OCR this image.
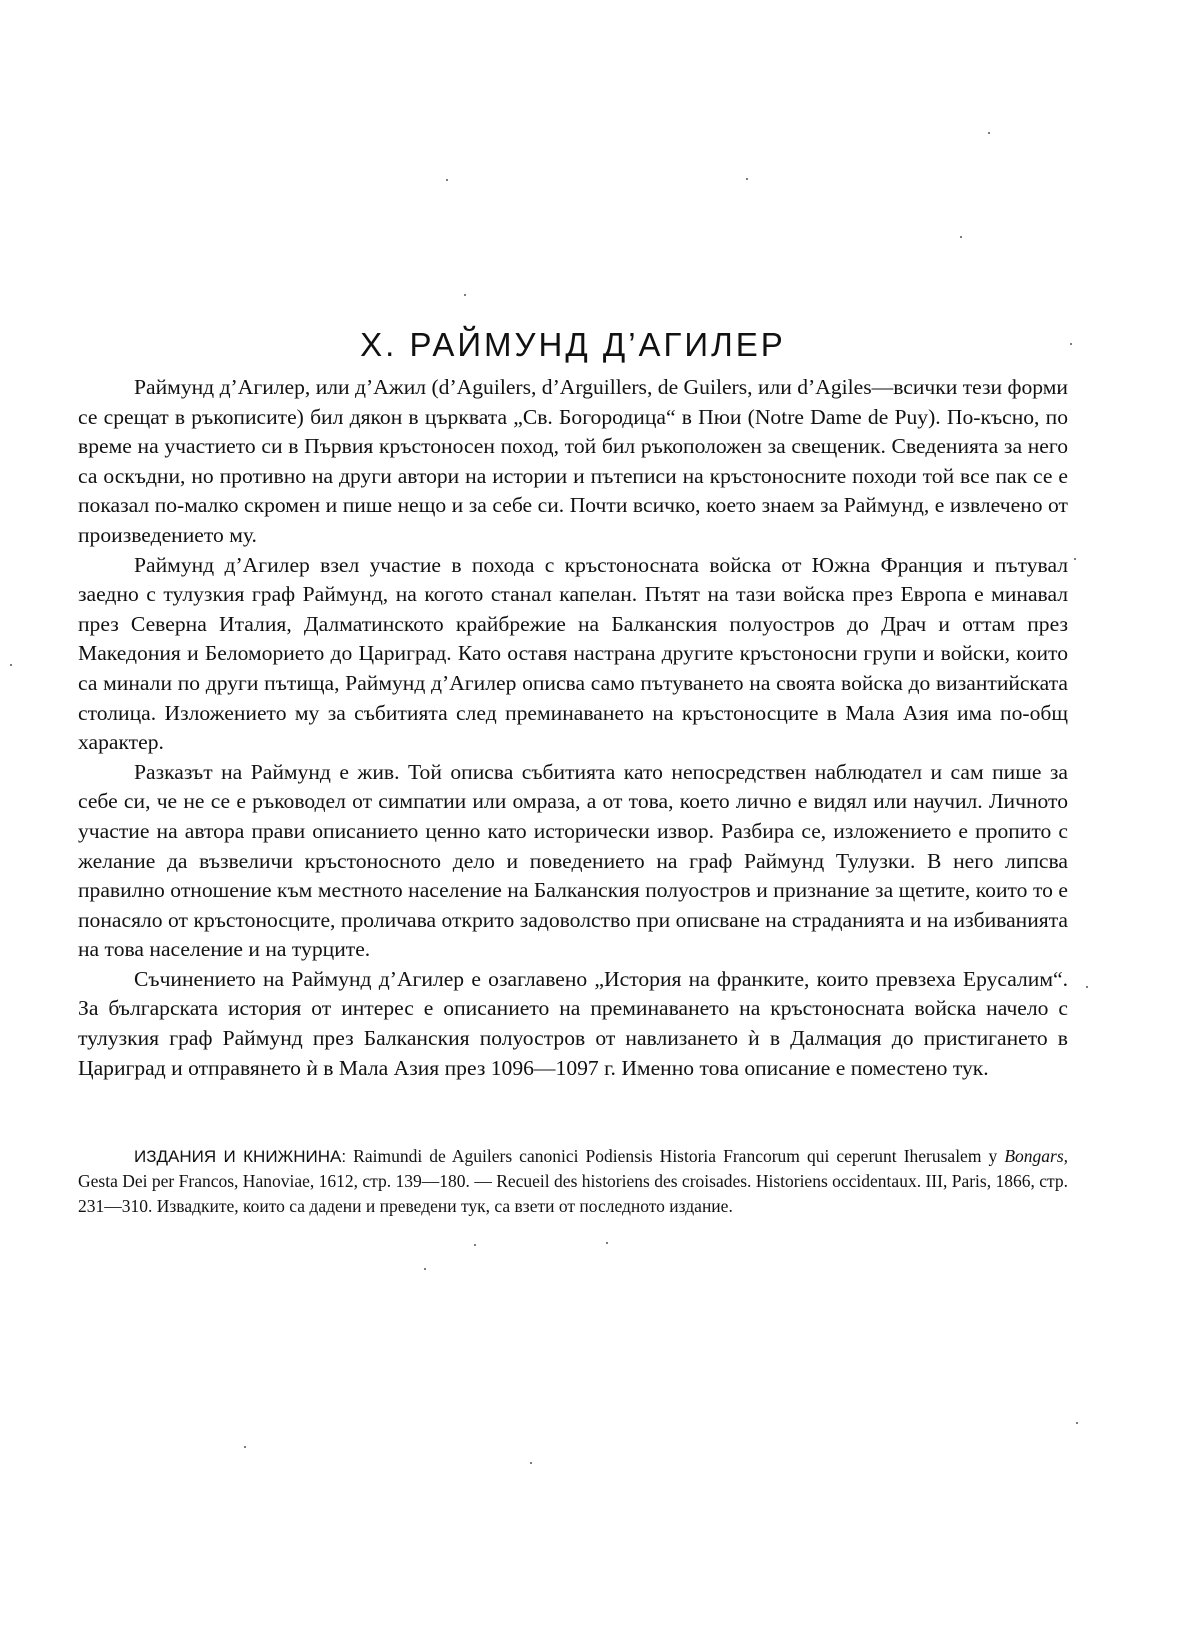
X. РАЙМУНД Д’АГИЛЕР

Раймунд д’Агилер, или д’Ажил (d’Aguilers, d’Arguillers, de Guilers, или d’Agiles—всички тези форми се срещат в ръкописите) бил дякон в църквата „Св. Богородица“ в Пюи (Notre Dame de Puy). По-късно, по време на участието си в Първия кръстоносен поход, той бил ръкоположен за свещеник. Сведенията за него са оскъдни, но противно на други автори на истории и пътеписи на кръстоносните походи той все пак се е показал по-малко скромен и пише нещо и за себе си. Почти всичко, което знаем за Раймунд, е извлечено от произведението му.

Раймунд д’Агилер взел участие в похода с кръстоносната войска от Южна Франция и пътувал заедно с тулузкия граф Раймунд, на когото станал капелан. Пътят на тази войска през Европа е минавал през Северна Италия, Далматинското крайбрежие на Балканския полуостров до Драч и оттам през Македония и Беломорието до Цариград. Като оставя настрана другите кръстоносни групи и войски, които са минали по други пътища, Раймунд д’Агилер описва само пътуването на своята войска до византийската столица. Изложението му за събитията след преминаването на кръстоносците в Мала Азия има по-общ характер.

Разказът на Раймунд е жив. Той описва събитията като непосредствен наблюдател и сам пише за себе си, че не се е ръководел от симпатии или омраза, а от това, което лично е видял или научил. Личното участие на автора прави описанието ценно като исторически извор. Разбира се, изложението е пропито с желание да възвеличи кръстоносното дело и поведението на граф Раймунд Тулузки. В него липсва правилно отношение към местното население на Балканския полуостров и признание за щетите, които то е понасяло от кръстоносците, проличава открито задоволство при описване на страданията и на избиванията на това население и на турците.

Съчинението на Раймунд д’Агилер е озаглавено „История на франките, които превзеха Ерусалим“. За българската история от интерес е описанието на преминаването на кръстоносната войска начело с тулузкия граф Раймунд през Балканския полуостров от навлизането ѝ в Далмация до пристигането в Цариград и отправянето ѝ в Мала Азия през 1096—1097 г. Именно това описание е поместено тук.

ИЗДАНИЯ И КНИЖНИНА: Raimundi de Aguilers canonici Podiensis Historia Francorum qui ceperunt Iherusalem у Bongars, Gesta Dei per Francos, Hanoviae, 1612, стр. 139—180. — Recueil des historiens des croisades. Historiens occidentaux. III, Paris, 1866, стр. 231—310. Извадките, които са дадени и преведени тук, са взети от последното издание.
